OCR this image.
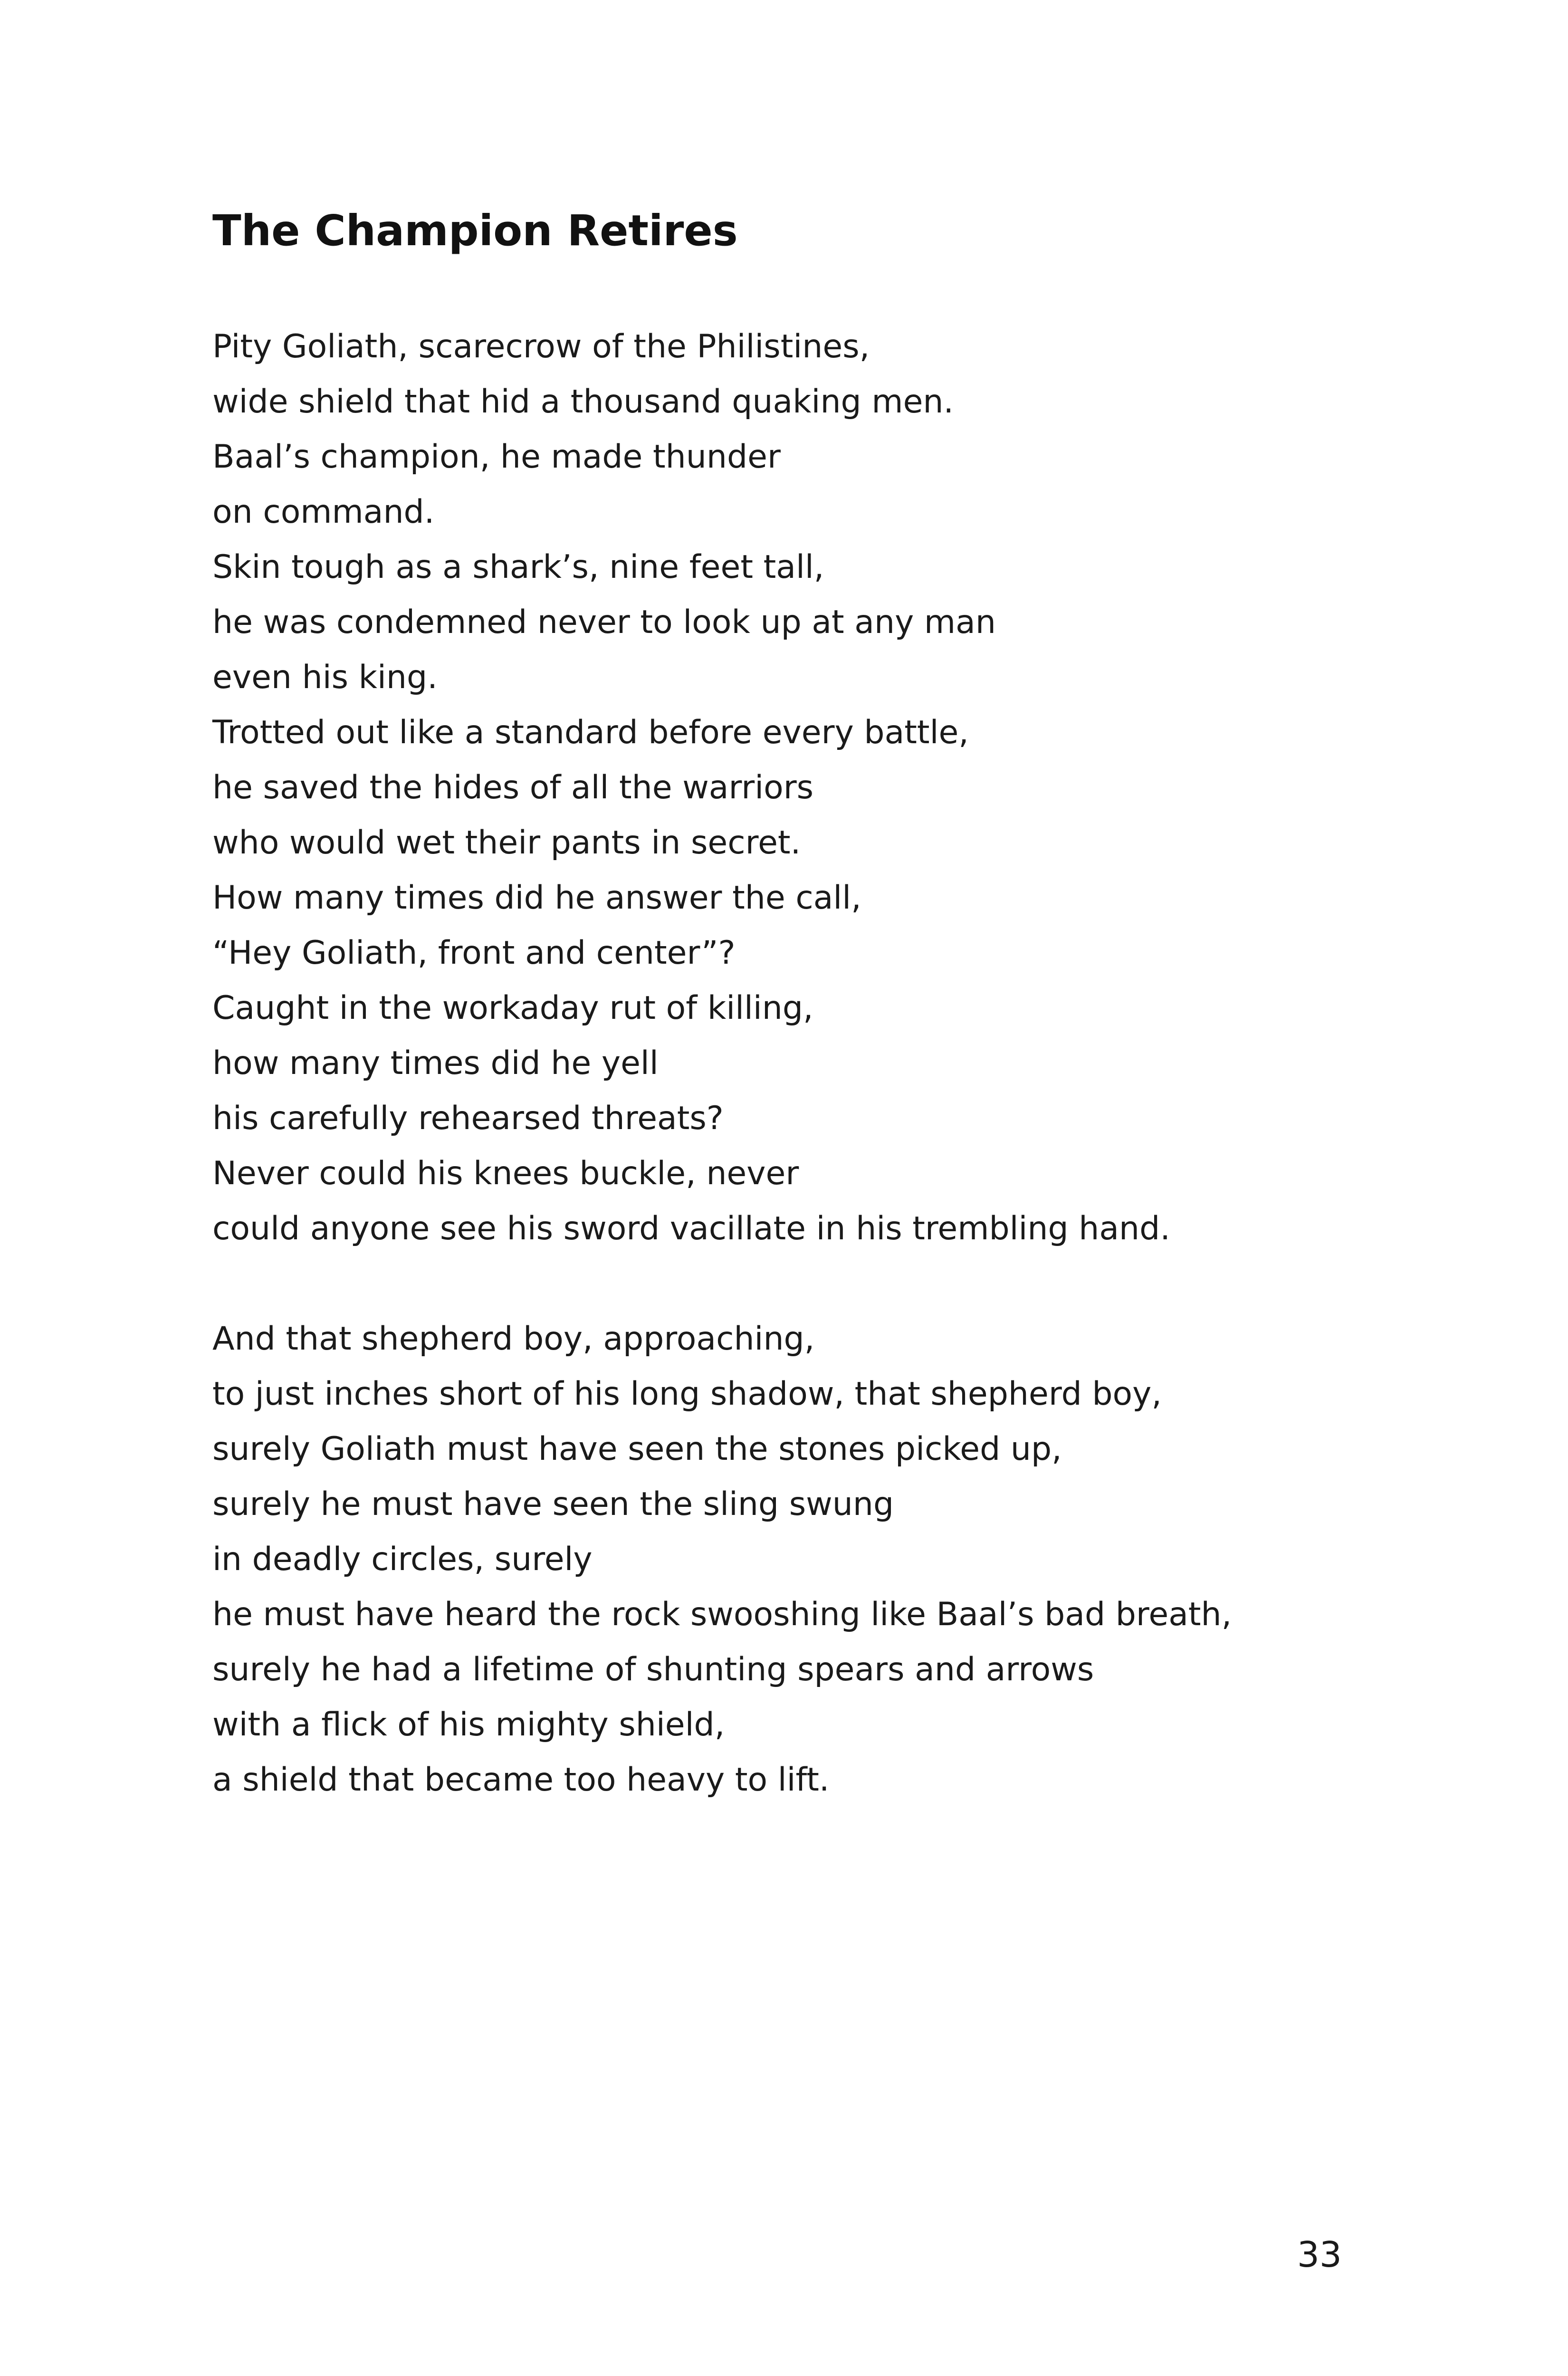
The Champion Retires
Pity Goliath, scarecrow of the Philistines,
wide shield that hid a thousand quaking men.
Baal’s champion, he made thunder
on command.
Skin tough as a shark’s, nine feet tall,
he was condemned never to look up at any man
even his king.
Trotted out like a standard before every battle,
he saved the hides of all the warriors
who would wet their pants in secret.
How many times did he answer the call,
“Hey Goliath, front and center”?
Caught in the workaday rut of killing,
how many times did he yell
his carefully rehearsed threats?
Never could his knees buckle, never
could anyone see his sword vacillate in his trembling hand.
And that shepherd boy, approaching,
to just inches short of his long shadow, that shepherd boy,
surely Goliath must have seen the stones picked up,
surely he must have seen the sling swung
in deadly circles, surely
he must have heard the rock swooshing like Baal’s bad breath,
surely he had a lifetime of shunting spears and arrows
with a flick of his mighty shield,
a shield that became too heavy to lift.
33
